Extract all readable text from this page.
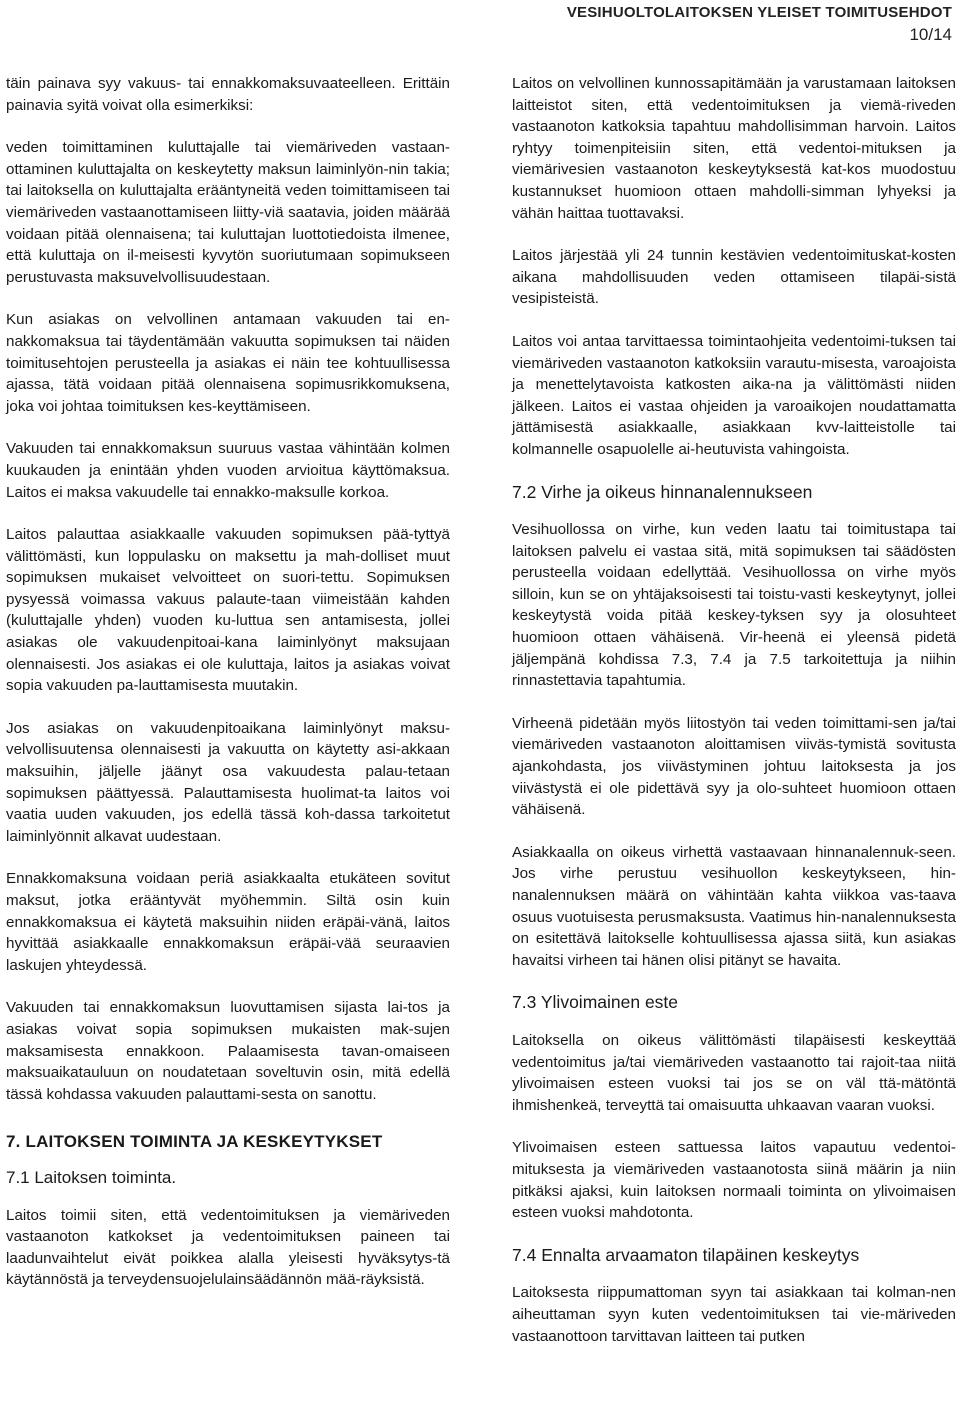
VESIHUOLTOLAITOKSEN YLEISET TOIMITUSEHDOT
10/14

täin painava syy vakuus- tai ennakkomaksuvaateelleen. Erittäin painavia syitä voivat olla esimerkiksi:

veden toimittaminen kuluttajalle tai viemäriveden vastaan-ottaminen kuluttajalta on keskeytetty maksun laiminlyön-nin takia; tai laitoksella on kuluttajalta erääntyneitä veden toimittamiseen tai viemäriveden vastaanottamiseen liitty-viä saatavia, joiden määrää voidaan pitää olennaisena; tai kuluttajan luottotiedoista ilmenee, että kuluttaja on il-meisesti kyvytön suoriutumaan sopimukseen perustuvasta maksuvelvollisuudestaan.

Kun asiakas on velvollinen antamaan vakuuden tai en-nakkomaksua tai täydentämään vakuutta sopimuksen tai näiden toimitusehtojen perusteella ja asiakas ei näin tee kohtuullisessa ajassa, tätä voidaan pitää olennaisena sopimusrikkomuksena, joka voi johtaa toimituksen kes-keyttämiseen.

Vakuuden tai ennakkomaksun suuruus vastaa vähintään kolmen kuukauden ja enintään yhden vuoden arvioitua käyttömaksua. Laitos ei maksa vakuudelle tai ennakko-maksulle korkoa.

Laitos palauttaa asiakkaalle vakuuden sopimuksen pää-tyttyä välittömästi, kun loppulasku on maksettu ja mah-dolliset muut sopimuksen mukaiset velvoitteet on suori-tettu. Sopimuksen pysyessä voimassa vakuus palaute-taan viimeistään kahden (kuluttajalle yhden) vuoden ku-luttua sen antamisesta, jollei asiakas ole vakuudenpitoai-kana laiminlyönyt maksujaan olennaisesti. Jos asiakas ei ole kuluttaja, laitos ja asiakas voivat sopia vakuuden pa-lauttamisesta muutakin.

Jos asiakas on vakuudenpitoaikana laiminlyönyt maksu-velvollisuutensa olennaisesti ja vakuutta on käytetty asi-akkaan maksuihin, jäljelle jäänyt osa vakuudesta palau-tetaan sopimuksen päättyessä. Palauttamisesta huolimat-ta laitos voi vaatia uuden vakuuden, jos edellä tässä koh-dassa tarkoitetut laiminlyönnit alkavat uudestaan.

Ennakkomaksuna voidaan periä asiakkaalta etukäteen sovitut maksut, jotka erääntyvät myöhemmin. Siltä osin kuin ennakkomaksua ei käytetä maksuihin niiden eräpäi-vänä, laitos hyvittää asiakkaalle ennakkomaksun eräpäi-vää seuraavien laskujen yhteydessä.

Vakuuden tai ennakkomaksun luovuttamisen sijasta lai-tos ja asiakas voivat sopia sopimuksen mukaisten mak-sujen maksamisesta ennakkoon. Palaamisesta tavan-omaiseen maksuaikatauluun on noudatetaan soveltuvin osin, mitä edellä tässä kohdassa vakuuden palauttami-sesta on sanottu.

7. LAITOKSEN TOIMINTA JA KESKEYTYKSET
7.1 Laitoksen toiminta.

Laitos toimii siten, että vedentoimituksen ja viemäriveden vastaanoton katkokset ja vedentoimituksen paineen tai laadunvaihtelut eivät poikkea alalla yleisesti hyväksytys-tä käytännöstä ja terveydensuojelulainsäädännön mää-räyksistä.

Laitos on velvollinen kunnossapitämään ja varustamaan laitoksen laitteistot siten, että vedentoimituksen ja viemä-riveden vastaanoton katkoksia tapahtuu mahdollisimman harvoin. Laitos ryhtyy toimenpiteisiin siten, että vedentoi-mituksen ja viemärivesien vastaanoton keskeytyksestä kat-kos muodostuu kustannukset huomioon ottaen mahdolli-simman lyhyeksi ja vähän haittaa tuottavaksi.

Laitos järjestää yli 24 tunnin kestävien vedentoimituskat-kosten aikana mahdollisuuden veden ottamiseen tilapäi-sistä vesipisteistä.

Laitos voi antaa tarvittaessa toimintaohjeita vedentoimi-tuksen tai viemäriveden vastaanoton katkoksiin varautu-misesta, varoajoista ja menettelytavoista katkosten aika-na ja välittömästi niiden jälkeen. Laitos ei vastaa ohjeiden ja varoaikojen noudattamatta jättämisestä asiakkaalle, asiakkaan kvv-laitteistolle tai kolmannelle osapuolelle ai-heutuvista vahingoista.

7.2 Virhe ja oikeus hinnanalennukseen

Vesihuollossa on virhe, kun veden laatu tai toimitustapa tai laitoksen palvelu ei vastaa sitä, mitä sopimuksen tai säädösten perusteella voidaan edellyttää. Vesihuollossa on virhe myös silloin, kun se on yhtäjaksoisesti tai toistu-vasti keskeytynyt, jollei keskeytystä voida pitää keskey-tyksen syy ja olosuhteet huomioon ottaen vähäisenä. Vir-heenä ei yleensä pidetä jäljempänä kohdissa 7.3, 7.4 ja 7.5 tarkoitettuja ja niihin rinnastettavia tapahtumia.

Virheenä pidetään myös liitostyön tai veden toimittami-sen ja/tai viemäriveden vastaanoton aloittamisen viiväs-tymistä sovitusta ajankohdasta, jos viivästyminen johtuu laitoksesta ja jos viivästystä ei ole pidettävä syy ja olo-suhteet huomioon ottaen vähäisenä.

Asiakkaalla on oikeus virhettä vastaavaan hinnanalennuk-seen. Jos virhe perustuu vesihuollon keskeytykseen, hin-nanalennuksen määrä on vähintään kahta viikkoa vas-taava osuus vuotuisesta perusmaksusta. Vaatimus hin-nanalennuksesta on esitettävä laitokselle kohtuullisessa ajassa siitä, kun asiakas havaitsi virheen tai hänen olisi pitänyt se havaita.

7.3 Ylivoimainen este

Laitoksella on oikeus välittömästi tilapäisesti keskeyttää vedentoimitus ja/tai viemäriveden vastaanotto tai rajoit-taa niitä ylivoimaisen esteen vuoksi tai jos se on väl ttä-mätöntä ihmishenkeä, terveyttä tai omaisuutta uhkaavan vaaran vuoksi.

Ylivoimaisen esteen sattuessa laitos vapautuu vedentoi-mituksesta ja viemäriveden vastaanotosta siinä määrin ja niin pitkäksi ajaksi, kuin laitoksen normaali toiminta on ylivoimaisen esteen vuoksi mahdotonta.

7.4 Ennalta arvaamaton tilapäinen keskeytys

Laitoksesta riippumattoman syyn tai asiakkaan tai kolman-nen aiheuttaman syyn kuten vedentoimituksen tai vie-märiveden vastaanottoon tarvittavan laitteen tai putken
